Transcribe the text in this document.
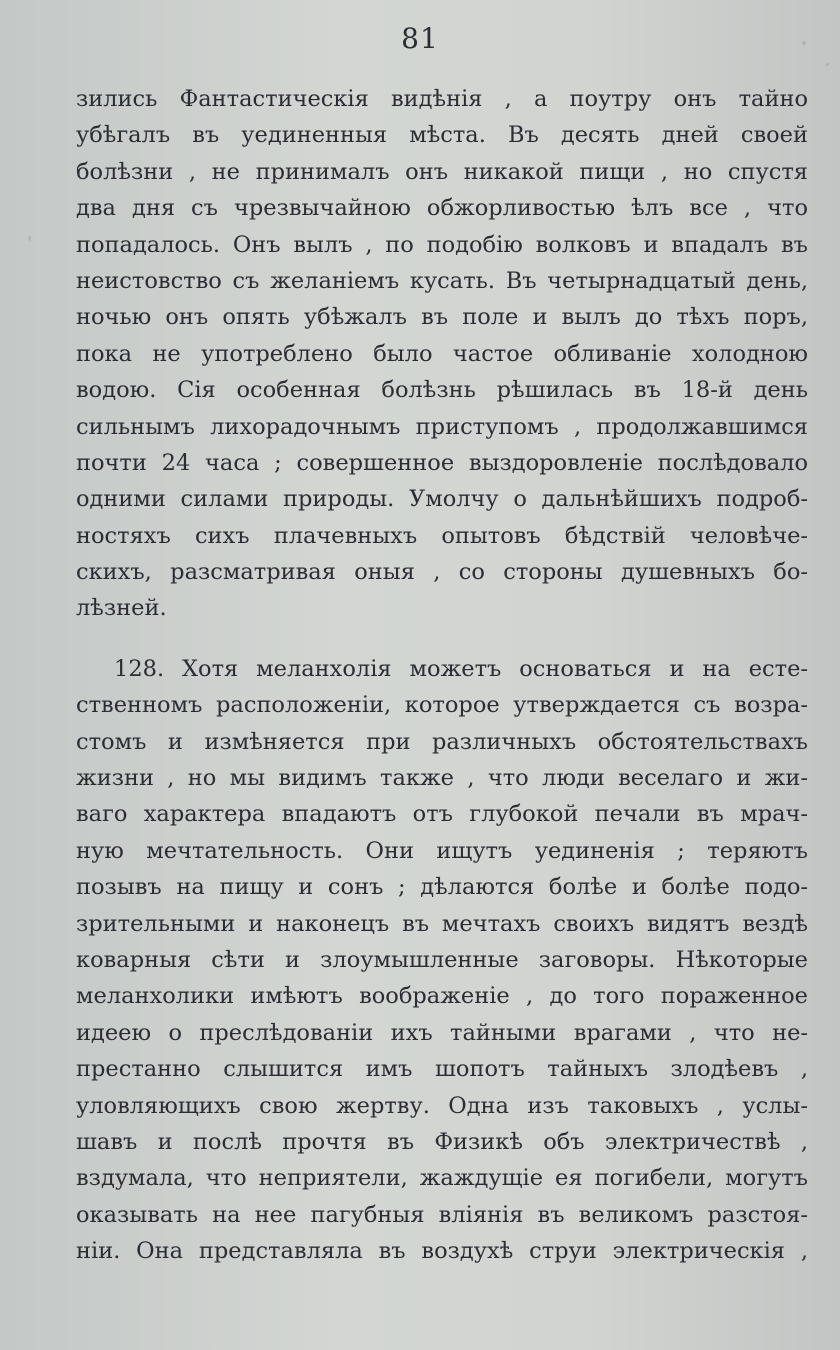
81
зились Фантастическія видѣнія , а поутру онъ тайно
убѣгалъ въ уединенныя мѣста. Въ десять дней своей
болѣзни , не принималъ онъ никакой пищи , но спустя
два дня съ чрезвычайною обжорливостью ѣлъ все , что
попадалось. Онъ вылъ , по подобію волковъ и впадалъ въ
неистовство съ желаніемъ кусать. Въ четырнадцатый день,
ночью онъ опять убѣжалъ въ поле и вылъ до тѣхъ поръ,
пока не употреблено было частое обливаніе холодною
водою. Сія особенная болѣзнь рѣшилась въ 18-й день
сильнымъ лихорадочнымъ приступомъ , продолжавшимся
почти 24 часа ; совершенное выздоровленіе послѣдовало
одними силами природы. Умолчу о дальнѣйшихъ подроб-
ностяхъ сихъ плачевныхъ опытовъ бѣдствій человѣче-
скихъ, разсматривая оныя , со стороны душевныхъ бо-
лѣзней.
128. Хотя меланхолія можетъ основаться и на есте-
ственномъ расположеніи, которое утверждается съ возра-
стомъ и измѣняется при различныхъ обстоятельствахъ
жизни , но мы видимъ также , что люди веселаго и жи-
ваго характера впадаютъ отъ глубокой печали въ мрач-
ную мечтательность. Они ищутъ уединенія ; теряютъ
позывъ на пищу и сонъ ; дѣлаются болѣе и болѣе подо-
зрительными и наконецъ въ мечтахъ своихъ видятъ вездѣ
коварныя сѣти и злоумышленные заговоры. Нѣкоторые
меланхолики имѣютъ воображеніе , до того пораженное
идеею о преслѣдованіи ихъ тайными врагами , что не-
престанно слышится имъ шопотъ тайныхъ злодѣевъ ,
уловляющихъ свою жертву. Одна изъ таковыхъ , услы-
шавъ и послѣ прочтя въ Физикѣ объ электричествѣ ,
вздумала, что неприятели, жаждущіе ея погибели, могутъ
оказывать на нее пагубныя вліянія въ великомъ разстоя-
ніи. Она представляла въ воздухѣ струи электрическія ,
